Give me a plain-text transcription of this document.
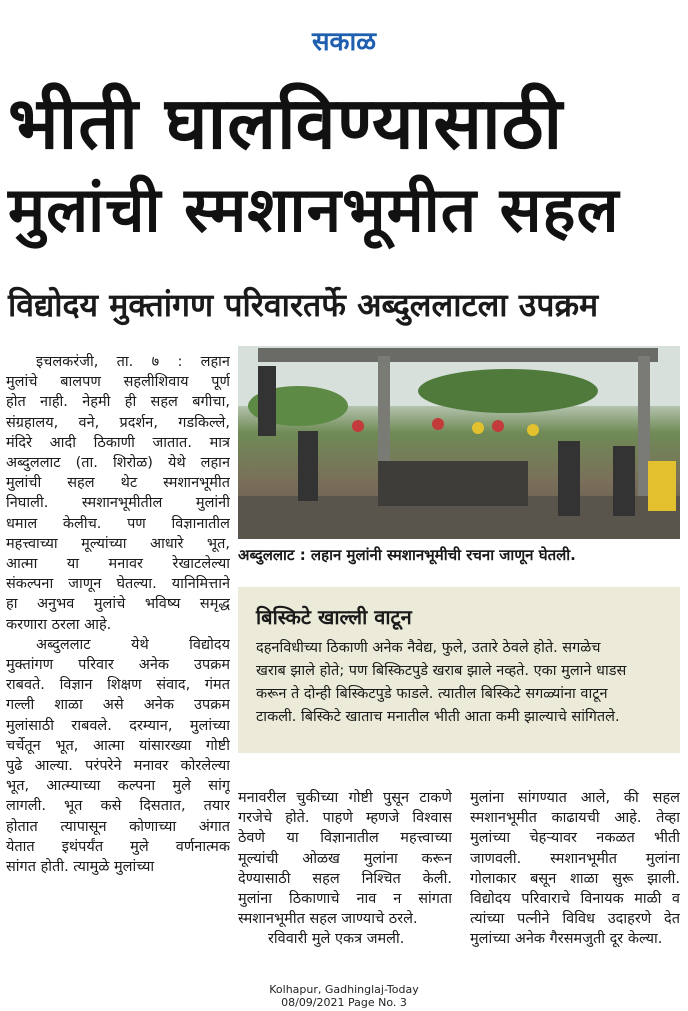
सकाळ
भीती घालविण्यासाठी
मुलांची स्मशानभूमीत सहल
विद्योदय मुक्तांगण परिवारतर्फे अब्दुललाटला उपक्रम
इचलकरंजी, ता. ७ : लहान
मुलांचे बालपण सहलीशिवाय पूर्ण
होत नाही. नेहमी ही सहल बगीचा,
संग्रहालय, वने, प्रदर्शन, गडकिल्ले,
मंदिरे आदी ठिकाणी जातात. मात्र
अब्दुललाट (ता. शिरोळ) येथे लहान
मुलांची सहल थेट स्मशानभूमीत
निघाली. स्मशानभूमीतील मुलांनी
धमाल केलीच. पण विज्ञानातील
महत्त्वाच्या मूल्यांच्या आधारे भूत,
आत्मा या मनावर रेखाटलेल्या
संकल्पना जाणून घेतल्या. यानिमित्ताने
हा अनुभव मुलांचे भविष्य समृद्ध
करणारा ठरला आहे.
अब्दुललाट येथे विद्योदय
मुक्तांगण परिवार अनेक उपक्रम
राबवते. विज्ञान शिक्षण संवाद, गंमत
गल्ली शाळा असे अनेक उपक्रम
मुलांसाठी राबवले. दरम्यान, मुलांच्या
चर्चेतून भूत, आत्मा यांसारख्या गोष्टी
पुढे आल्या. परंपरेने मनावर कोरलेल्या
भूत, आत्म्याच्या कल्पना मुले सांगू
लागली. भूत कसे दिसतात, तयार
होतात त्यापासून कोणाच्या अंगात
येतात इथंपर्यंत मुले वर्णनात्मक
सांगत होती. त्यामुळे मुलांच्या
अब्दुललाट : लहान मुलांनी स्मशानभूमीची रचना जाणून घेतली.
बिस्किटे खाल्ली वाटून
दहनविधीच्या ठिकाणी अनेक नैवेद्य, फुले, उतारे ठेवले होते. सगळेच
खराब झाले होते; पण बिस्किटपुडे खराब झाले नव्हते. एका मुलाने धाडस
करून ते दोन्ही बिस्किटपुडे फाडले. त्यातील बिस्किटे सगळ्यांना वाटून
टाकली. बिस्किटे खाताच मनातील भीती आता कमी झाल्याचे सांगितले.
मनावरील चुकीच्या गोष्टी पुसून टाकणे
गरजेचे होते. पाहणे म्हणजे विश्वास
ठेवणे या विज्ञानातील महत्त्वाच्या
मूल्यांची ओळख मुलांना करून
देण्यासाठी सहल निश्चित केली.
मुलांना ठिकाणाचे नाव न सांगता
स्मशानभूमीत सहल जाण्याचे ठरले.
रविवारी मुले एकत्र जमली.
मुलांना सांगण्यात आले, की सहल
स्मशानभूमीत काढायची आहे. तेव्हा
मुलांच्या चेहऱ्यावर नकळत भीती
जाणवली. स्मशानभूमीत मुलांना
गोलाकार बसून शाळा सुरू झाली.
विद्योदय परिवाराचे विनायक माळी व
त्यांच्या पत्नीने विविध उदाहरणे देत
मुलांच्या अनेक गैरसमजुती दूर केल्या.
Kolhapur, Gadhinglaj-Today
08/09/2021 Page No. 3
